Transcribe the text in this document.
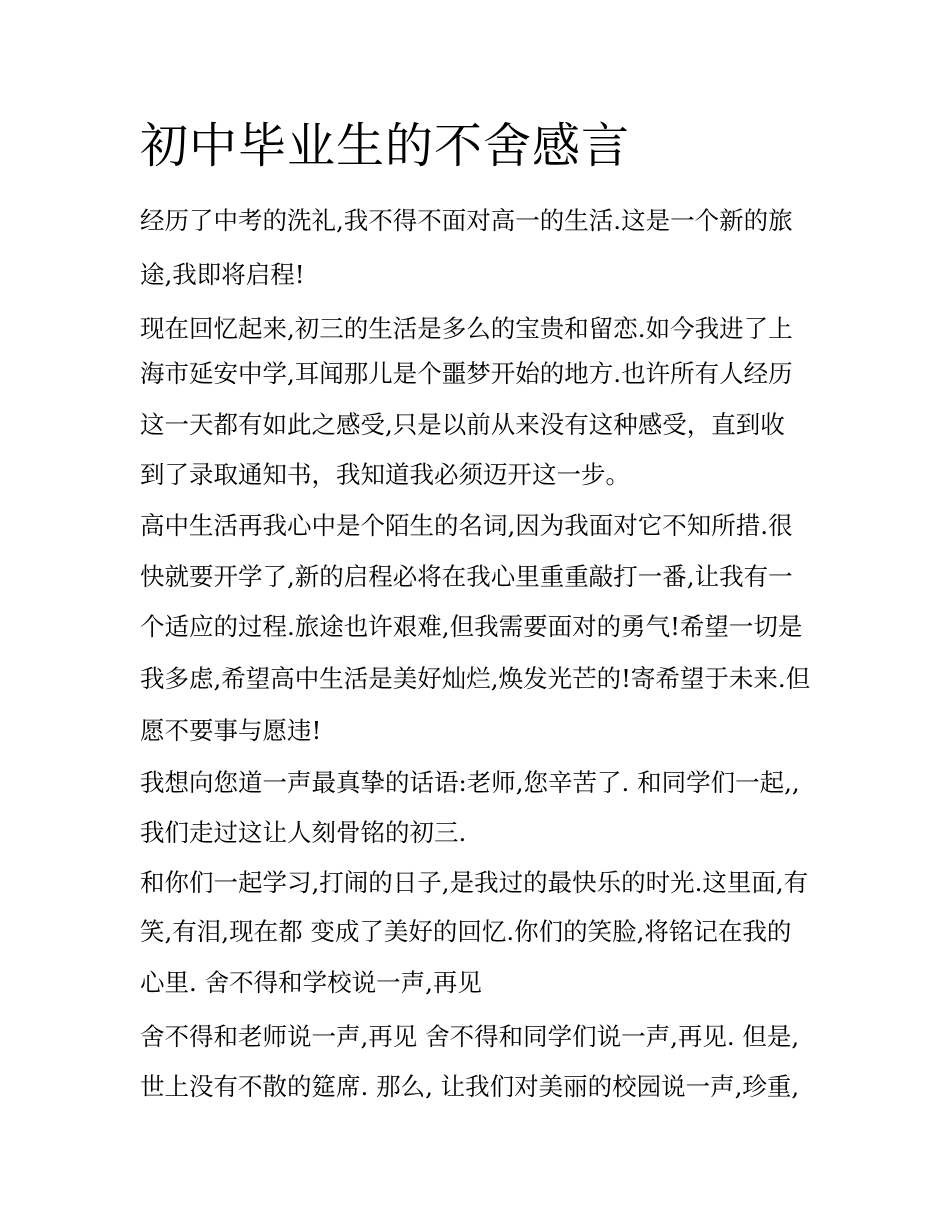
初中毕业生的不舍感言

经历了中考的洗礼,我不得不面对高一的生活.这是一个新的旅

途,我即将启程!

现在回忆起来,初三的生活是多么的宝贵和留恋.如今我进了上

海市延安中学,耳闻那儿是个噩梦开始的地方.也许所有人经历

这一天都有如此之感受,只是以前从来没有这种感受，直到收

到了录取通知书，我知道我必须迈开这一步。

高中生活再我心中是个陌生的名词,因为我面对它不知所措.很

快就要开学了,新的启程必将在我心里重重敲打一番,让我有一

个适应的过程.旅途也许艰难,但我需要面对的勇气!希望一切是

我多虑,希望高中生活是美好灿烂,焕发光芒的!寄希望于未来.但

愿不要事与愿违!

我想向您道一声最真挚的话语:老师,您辛苦了. 和同学们一起,,

我们走过这让人刻骨铭的初三.

和你们一起学习,打闹的日子,是我过的最快乐的时光.这里面,有

笑,有泪,现在都 变成了美好的回忆.你们的笑脸,将铭记在我的

心里. 舍不得和学校说一声,再见

舍不得和老师说一声,再见 舍不得和同学们说一声,再见. 但是,

世上没有不散的筵席. 那么, 让我们对美丽的校园说一声,珍重,
